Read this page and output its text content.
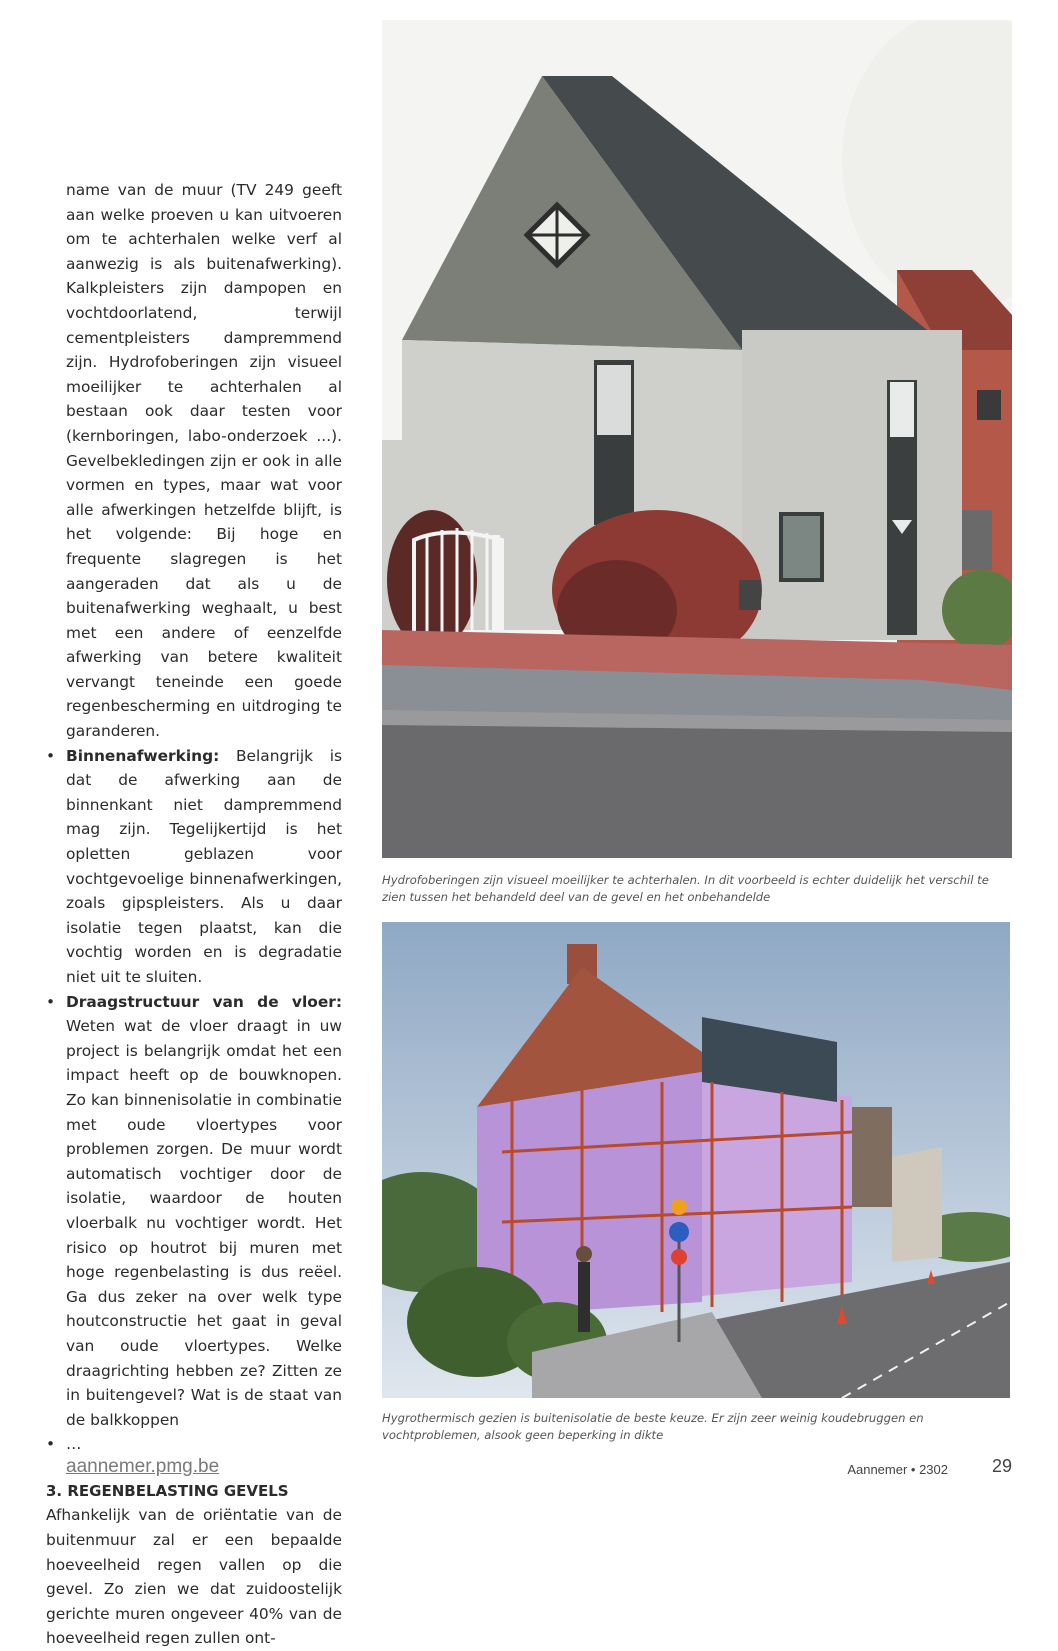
name van de muur (TV 249 geeft aan welke proeven u kan uitvoeren om te achterhalen welke verf al aanwezig is als buitenafwerking). Kalkpleisters zijn dampopen en vochtdoorlatend, terwijl cementpleisters dampremmend zijn. Hydrofoberingen zijn visueel moeilijker te achterhalen al bestaan ook daar testen voor (kernboringen, labo-onderzoek ...). Gevelbekledingen zijn er ook in alle vormen en types, maar wat voor alle afwerkingen hetzelfde blijft, is het volgende: Bij hoge en frequente slagregen is het aangeraden dat als u de buitenafwerking weghaalt, u best met een andere of eenzelfde afwerking van betere kwaliteit vervangt teneinde een goede regenbescherming en uitdroging te garanderen.

• Binnenafwerking: Belangrijk is dat de afwerking aan de binnenkant niet dampremmend mag zijn. Tegelijkertijd is het opletten geblazen voor vochtgevoelige binnenafwerkingen, zoals gipspleisters. Als u daar isolatie tegen plaatst, kan die vochtig worden en is degradatie niet uit te sluiten.

• Draagstructuur van de vloer: Weten wat de vloer draagt in uw project is belangrijk omdat het een impact heeft op de bouwknopen. Zo kan binnenisolatie in combinatie met oude vloertypes voor problemen zorgen. De muur wordt automatisch vochtiger door de isolatie, waardoor de houten vloerbalk nu vochtiger wordt. Het risico op houtrot bij muren met hoge regenbelasting is dus reëel. Ga dus zeker na over welk type houtconstructie het gaat in geval van oude vloertypes. Welke draagrichting hebben ze? Zitten ze in buitengevel? Wat is de staat van de balkkoppen

• …

3. REGENBELASTING GEVELS

Afhankelijk van de oriëntatie van de buitenmuur zal er een bepaalde hoeveelheid regen vallen op die gevel. Zo zien we dat zuidoostelijk gerichte muren ongeveer 40% van de hoeveelheid regen zullen ont-

Hydrofoberingen zijn visueel moeilijker te achterhalen. In dit voorbeeld is echter duidelijk het verschil te zien tussen het behandeld deel van de gevel en het onbehandelde
Hygrothermisch gezien is buitenisolatie de beste keuze. Er zijn zeer weinig koudebruggen en vochtproblemen, alsook geen beperking in dikte
aannemer.pmg.be	Aannemer • 2302 29
